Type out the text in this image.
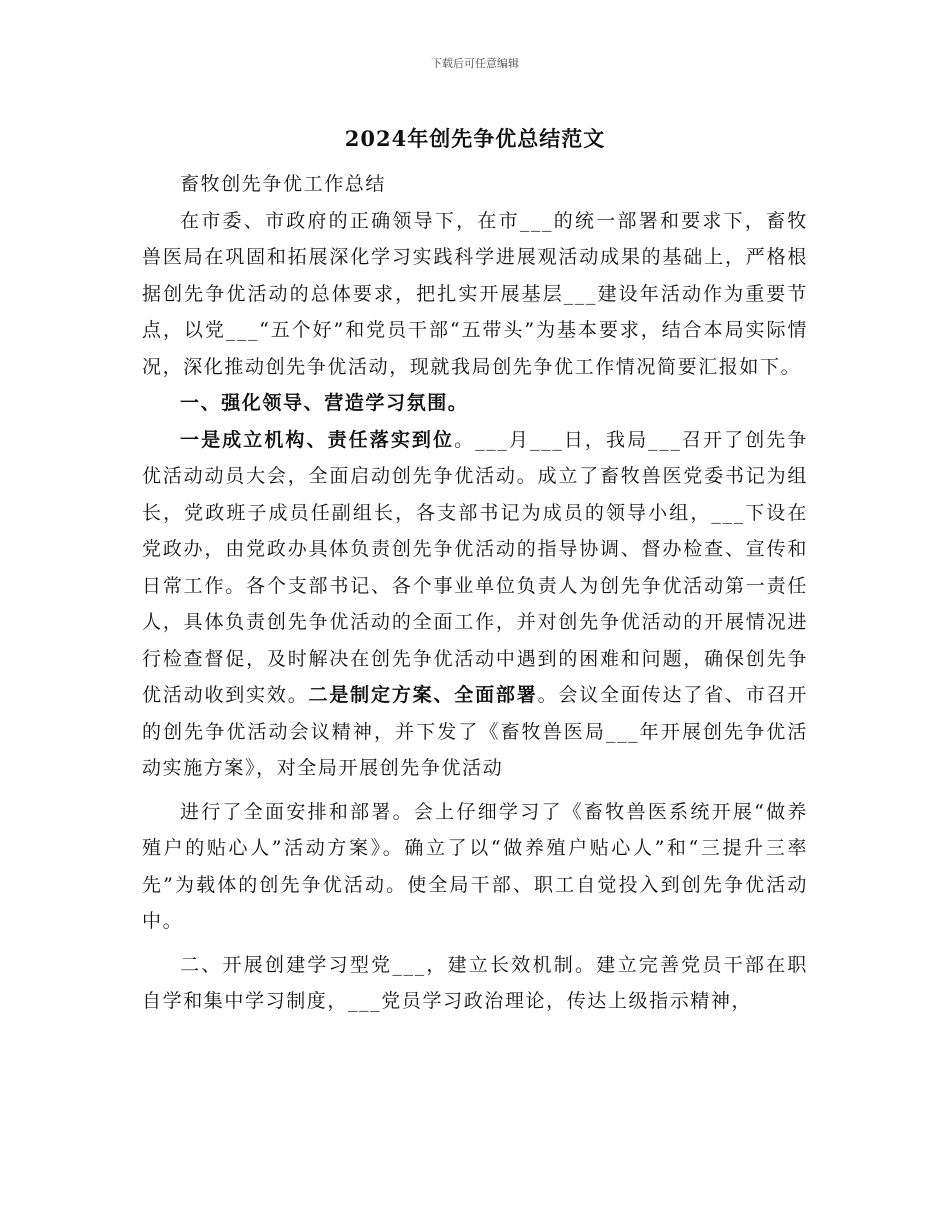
下载后可任意编辑
2024年创先争优总结范文

畜牧创先争优工作总结

在市委、市政府的正确领导下，在市___的统一部署和要求下，畜牧兽医局在巩固和拓展深化学习实践科学进展观活动成果的基础上，严格根据创先争优活动的总体要求，把扎实开展基层___建设年活动作为重要节点，以党___“五个好”和党员干部“五带头”为基本要求，结合本局实际情况，深化推动创先争优活动，现就我局创先争优工作情况简要汇报如下。

一、强化领导、营造学习氛围。

一是成立机构、责任落实到位。___月___日，我局___召开了创先争优活动动员大会，全面启动创先争优活动。成立了畜牧兽医党委书记为组长，党政班子成员任副组长，各支部书记为成员的领导小组，___下设在党政办，由党政办具体负责创先争优活动的指导协调、督办检查、宣传和日常工作。各个支部书记、各个事业单位负责人为创先争优活动第一责任人，具体负责创先争优活动的全面工作，并对创先争优活动的开展情况进行检查督促，及时解决在创先争优活动中遇到的困难和问题，确保创先争优活动收到实效。二是制定方案、全面部署。会议全面传达了省、市召开的创先争优活动会议精神，并下发了《畜牧兽医局___年开展创先争优活动实施方案》，对全局开展创先争优活动

进行了全面安排和部署。会上仔细学习了《畜牧兽医系统开展“做养殖户的贴心人”活动方案》。确立了以“做养殖户贴心人”和“三提升三率先”为载体的创先争优活动。使全局干部、职工自觉投入到创先争优活动中。

二、开展创建学习型党___，建立长效机制。建立完善党员干部在职自学和集中学习制度，___党员学习政治理论，传达上级指示精神，
